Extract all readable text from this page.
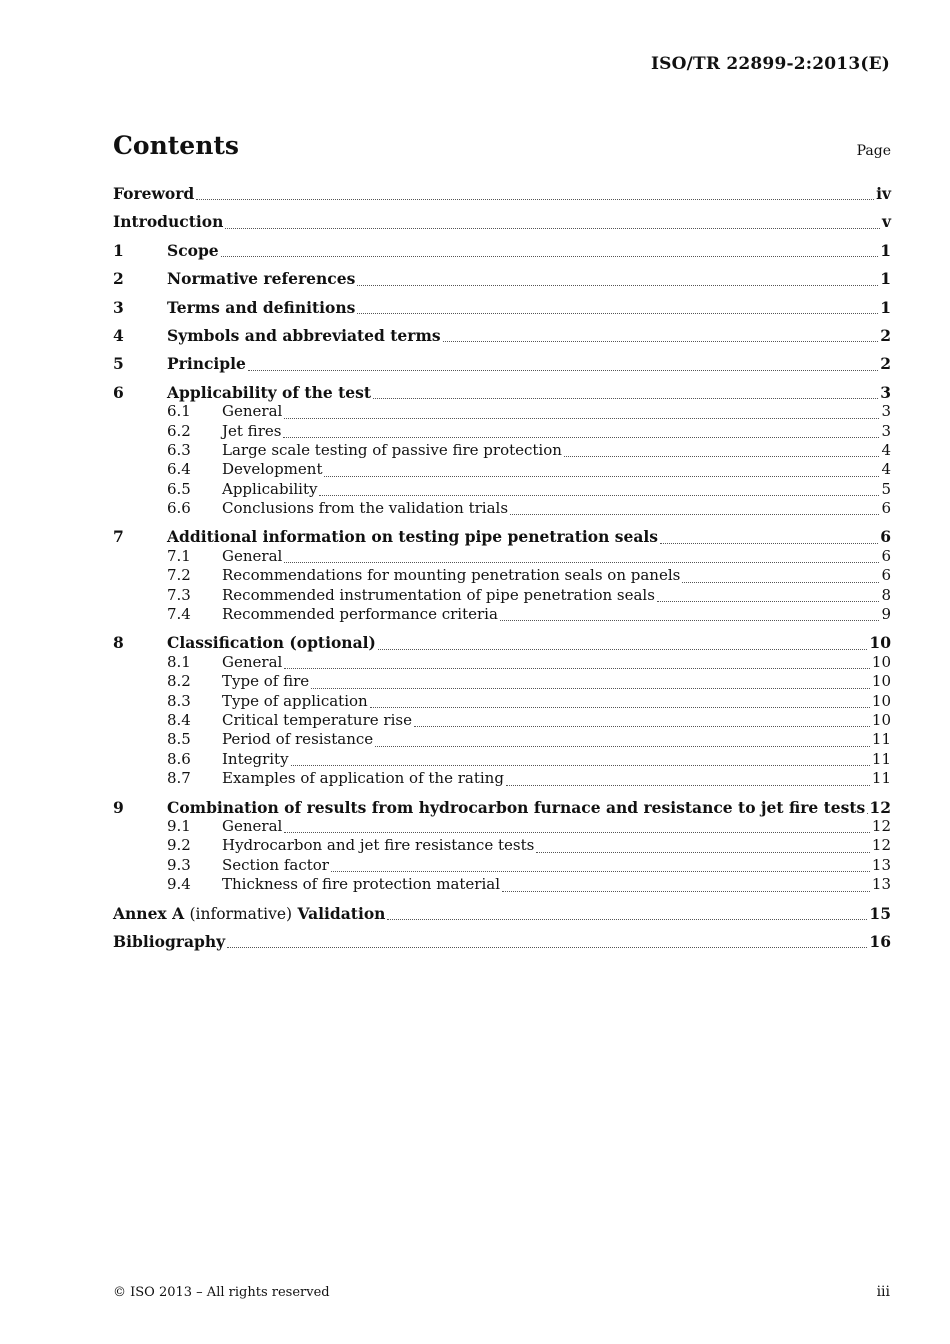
ISO/TR 22899-2:2013(E)
Contents	Page
Foreword	iv
Introduction	v
1	Scope	1
2	Normative references	1
3	Terms and definitions	1
4	Symbols and abbreviated terms	2
5	Principle	2
6	Applicability of the test	3
6.1	General	3
6.2	Jet fires	3
6.3	Large scale testing of passive fire protection	4
6.4	Development	4
6.5	Applicability	5
6.6	Conclusions from the validation trials	6
7	Additional information on testing pipe penetration seals	6
7.1	General	6
7.2	Recommendations for mounting penetration seals on panels	6
7.3	Recommended instrumentation of pipe penetration seals	8
7.4	Recommended performance criteria	9
8	Classification (optional)	10
8.1	General	10
8.2	Type of fire	10
8.3	Type of application	10
8.4	Critical temperature rise	10
8.5	Period of resistance	11
8.6	Integrity	11
8.7	Examples of application of the rating	11
9	Combination of results from hydrocarbon furnace and resistance to jet fire tests 12
9.1	General	12
9.2	Hydrocarbon and jet fire resistance tests	12
9.3	Section factor	13
9.4	Thickness of fire protection material	13
Annex A (informative) Validation	15
Bibliography	16
© ISO 2013 – All rights reserved	iii
